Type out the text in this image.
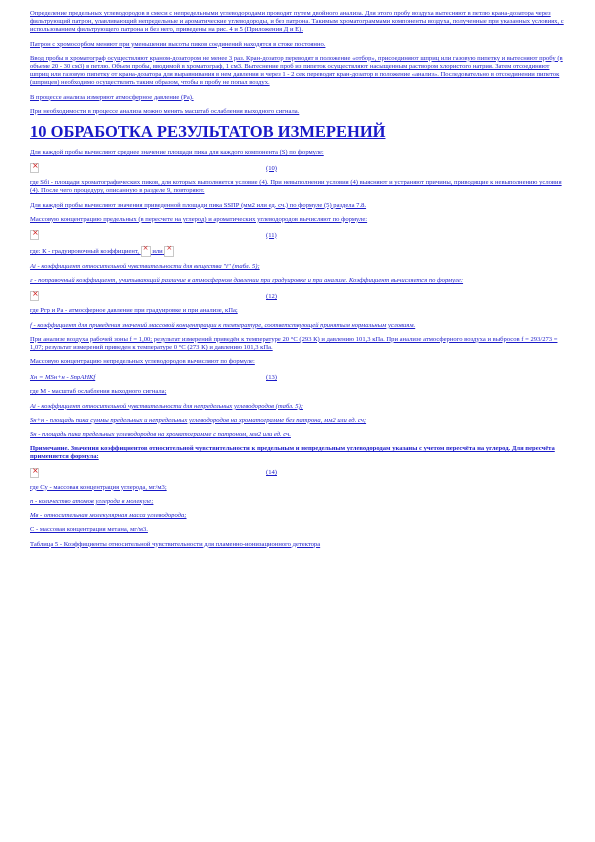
Определение предельных углеводородов в смеси с непредельными углеводородами проводят путем двойного анализа. Для этого пробу воздуха вытесняют в петлю крана-дозатора через фильтрующий патрон, улавливающий непредельные и ароматические углеводороды, и без патрона. Такимым хроматограммами компоненты воздуха, полученные при указанных условиях, с использованием фильтрующего патрона и без него, приведены на рис. 4 и 5 (Приложения Д и Е).

Патрон с хромосорбом меняют при уменьшении высоты пиков соединений находятся в стоке постоянно.

Ввод пробы в хроматограф осуществляют краном-дозатором не менее 3 раз. Кран-дозатор переводят в положение «отбор», присоединяют шприц или газовую пипетку и вытесняют пробу (в объеме 20 - 30 см3) в петлю. Объем пробы, вводимой в хроматограф, 1 см3. Вытеснение проб из пипеток осуществляют насыщенным раствором хлористого натрия. Затем отсоединяют шприц или газовую пипетку от крана-дозатора для выравнивания в нем давления и через 1 - 2 сек переводят кран-дозатор в положение «анализ». Последовательно в отсоединении пипеток (шприцев) необходимо осуществлять таким образом, чтобы в пробу не попал воздух.

В процессе анализа измеряют атмосферное давление (Pa).

При необходимости в процессе анализа можно менять масштаб ослабления выходного сигнала.

10 ОБРАБОТКА РЕЗУЛЬТАТОВ ИЗМЕРЕНИЙ

Для каждой пробы вычисляют среднее значение площади пика для каждого компонента (S) по формуле:

×
(10)

где Sбi - площади хроматографических пиков, для которых выполняется условие (4). При невыполнении условия (4) выясняют и устраняют причины, приводящие к невыполнению условия (4). После чего процедуру, описанную в разделе 9, повторяют.

Для каждой пробы вычисляют значения приведенной площади пика SSПР (мм2 или ед. сч.) по формуле (5) раздела 7.8.

Массовую концентрацию предельных (в пересчете на углерод) и ароматических углеводородов вычисляют по формуле:

×
(11)

где: К - градуировочный коэффициент, × или ×

Аi - коэффициент относительной чувствительности для вещества "i" (табл. 5);

г - поправочный коэффициент, учитывающий различие в атмосферном давлении при градуировке и при анализе. Коэффициент вычисляется по формуле:

×
(12)

где Ргр и Ра - атмосферное давление при градуировке и при анализе, кПа;

f - коэффициент для приведения значений массовой концентрации к температуре, соответствующей принятым нормальным условиям.

При анализе воздуха рабочей зоны f = 1,00; результат измерений приведён к температуре 20 °C (293 К) и давлению 101,3 кПа. При анализе атмосферного воздуха и выбросов f = 293/273 = 1,07; результат измерений приведен к температуре 0 °C (273 К) и давлению 101,3 кПа.

Массовую концентрацию непредельных углеводородов вычисляют по формуле:

Хн = МSн+н - SпрАНКf	(13)

где М - масштаб ослабления выходного сигнала;

Аi - коэффициент относительной чувствительности для непредельных углеводородов (табл. 5);

Sн+н - площадь пика суммы предельных и непредельных углеводородов на хроматограмме без патрона, мм2 или ед. сч;

Sн - площадь пика предельных углеводородов на хроматограмме с патроном, мм2 или ед. сч.

Примечание. Значения коэффициентов относительной чувствительности к предельным и непредельным углеводородам указаны с учетом пересчёта на углерод. Для пересчёта применяется формула:

×
(14)

где Су - массовая концентрация углерода, мг/м3;

n - количество атомов углерода в молекуле;

Мв - относительная молекулярная масса углеводорода;

С - массовая концентрация метана, мг/м3.

Таблица 5 - Коэффициенты относительной чувствительности для пламенно-ионизационного детектора
